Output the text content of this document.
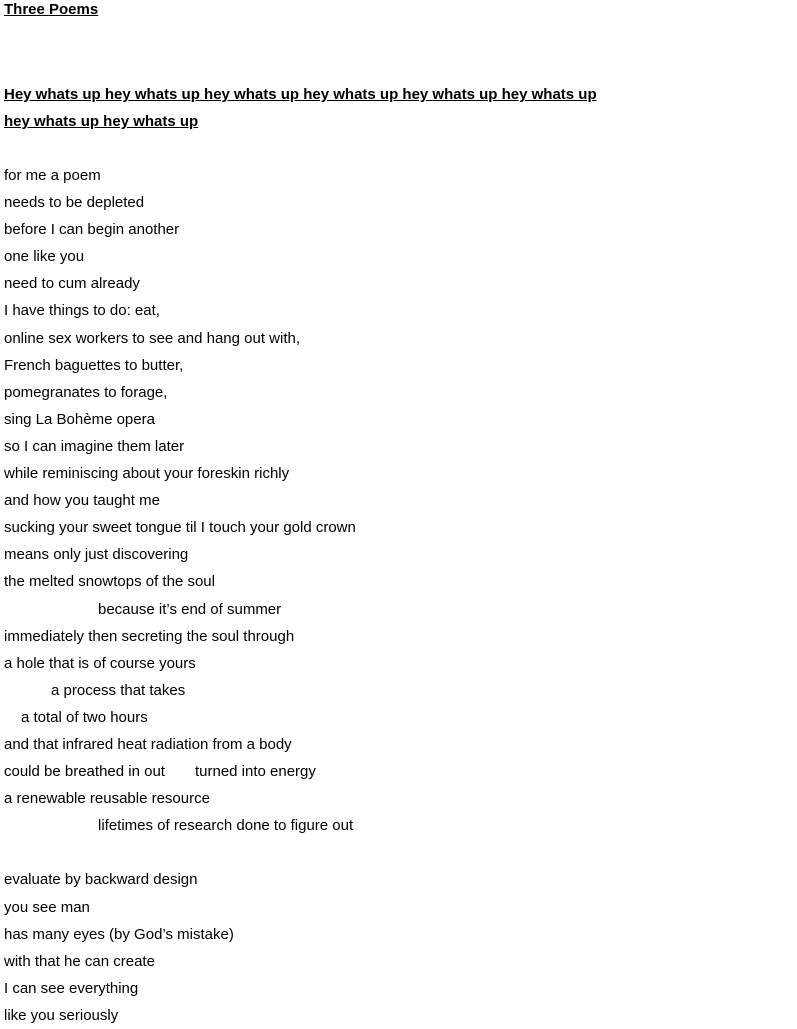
Three Poems
Hey whats up hey whats up hey whats up hey whats up hey whats up hey whats up
hey whats up hey whats up
for me a poem
needs to be depleted
before I can begin another
one like you
need to cum already
I have things to do: eat,
online sex workers to see and hang out with,
French baguettes to butter,
pomegranates to forage,
sing La Bohème opera
so I can imagine them later
while reminiscing about your foreskin richly
and how you taught me
sucking your sweet tongue til I touch your gold crown
means only just discovering
the melted snowtops of the soul
because it’s end of summer
immediately then secreting the soul through
a hole that is of course yours
a process that takes
a total of two hours
and that infrared heat radiation from a body
could be breathed in out turned into energy
a renewable reusable resource
lifetimes of research done to figure out
evaluate by backward design
you see man
has many eyes (by God’s mistake)
with that he can create
I can see everything
like you seriously
